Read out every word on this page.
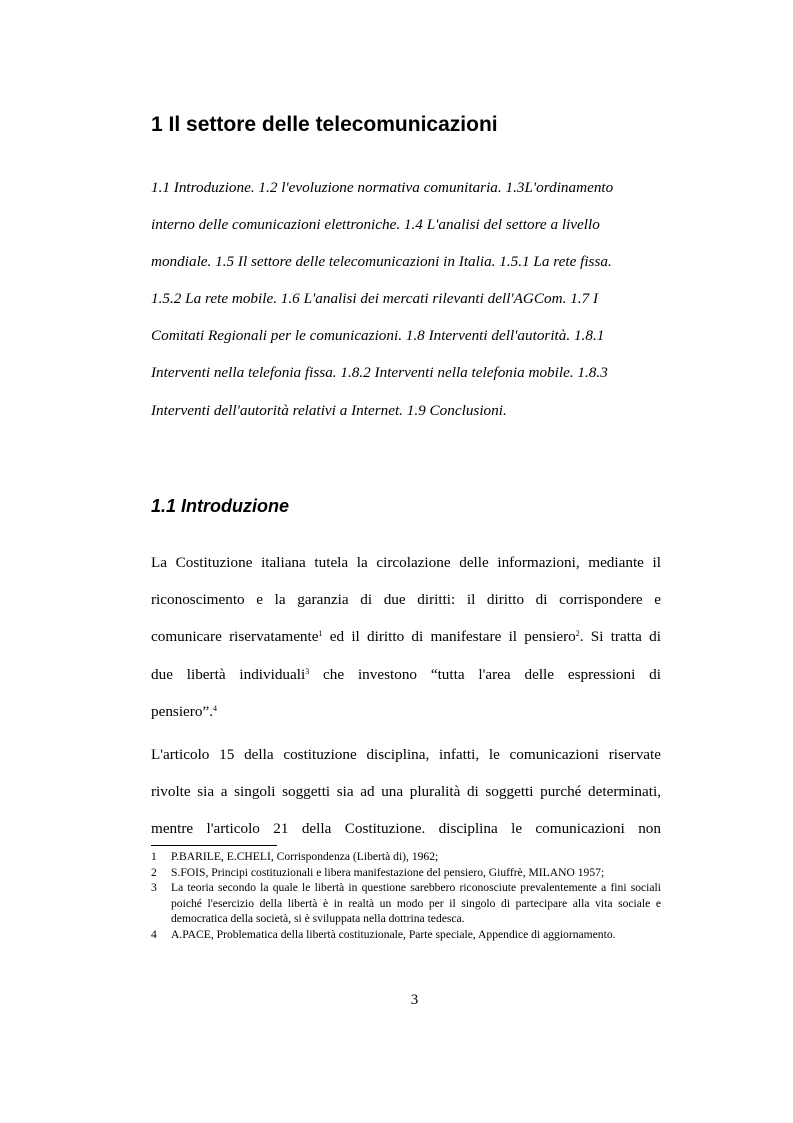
1 Il settore delle telecomunicazioni

1.1 Introduzione. 1.2 l'evoluzione normativa comunitaria. 1.3L'ordinamento
interno delle comunicazioni elettroniche. 1.4 L'analisi del settore a livello
mondiale. 1.5 Il settore delle telecomunicazioni in Italia. 1.5.1 La rete fissa.
1.5.2 La rete mobile. 1.6 L'analisi dei mercati rilevanti dell'AGCom. 1.7 I
Comitati Regionali per le comunicazioni. 1.8 Interventi dell'autorità. 1.8.1
Interventi nella telefonia fissa. 1.8.2 Interventi nella telefonia mobile. 1.8.3
Interventi dell'autorità relativi a Internet. 1.9 Conclusioni.

1.1 Introduzione

La Costituzione italiana tutela la circolazione delle informazioni, mediante il
riconoscimento e la garanzia di due diritti: il diritto di corrispondere e
comunicare riservatamente$^1$ ed il diritto di manifestare il pensiero$^2$. Si tratta di
due libertà individuali$^3$ che investono “tutta l'area delle espressioni di
pensiero”.$^4$

L'articolo 15 della costituzione disciplina, infatti, le comunicazioni riservate
rivolte sia a singoli soggetti sia ad una pluralità di soggetti purché determinati,
mentre l'articolo 21 della Costituzione. disciplina le comunicazioni non

1	P.BARILE, E.CHELI, Corrispondenza (Libertà di), 1962;
2	S.FOIS, Principi costituzionali e libera manifestazione del pensiero, Giuffrè, MILANO 1957;
3	La teoria secondo la quale le libertà in questione sarebbero riconosciute prevalentemente a fini sociali poiché l'esercizio della libertà è in realtà un modo per il singolo di partecipare alla vita sociale e democratica della società, si è sviluppata nella dottrina tedesca.
4	A.PACE, Problematica della libertà costituzionale, Parte speciale, Appendice di aggiornamento.

3
